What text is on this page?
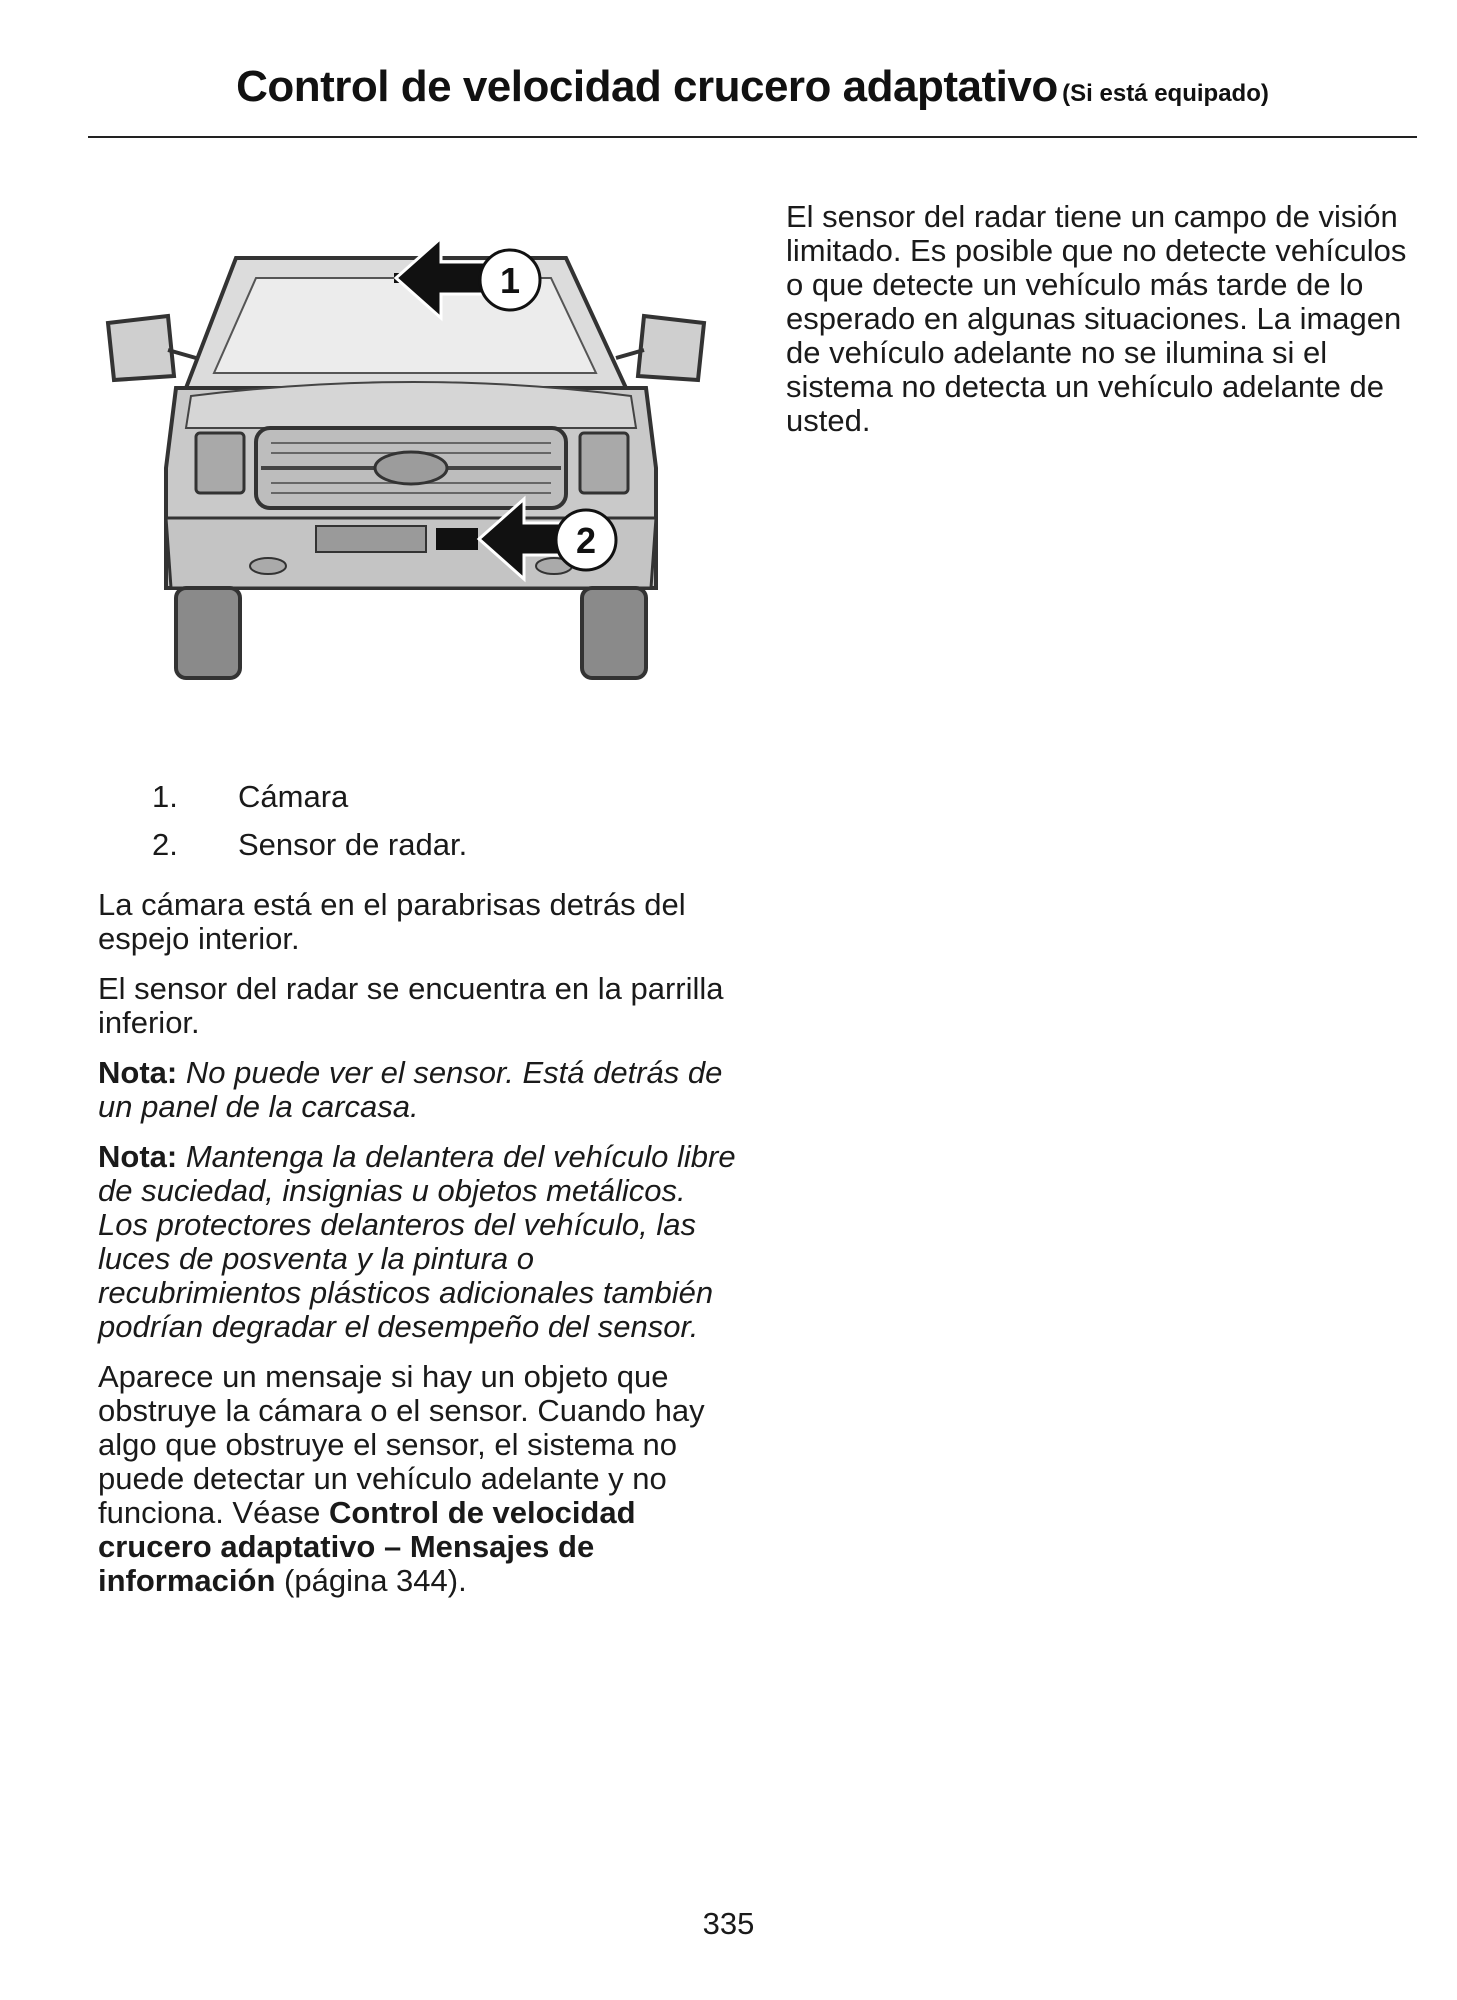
Control de velocidad crucero adaptativo (Si está equipado)
1
2

El sensor del radar tiene un campo de visión limitado. Es posible que no detecte vehículos o que detecte un vehículo más tarde de lo esperado en algunas situaciones. La imagen de vehículo adelante no se ilumina si el sistema no detecta un vehículo adelante de usted.

1. Cámara
2. Sensor de radar.

La cámara está en el parabrisas detrás del espejo interior.

El sensor del radar se encuentra en la parrilla inferior.

Nota: No puede ver el sensor. Está detrás de un panel de la carcasa.

Nota: Mantenga la delantera del vehículo libre de suciedad, insignias u objetos metálicos. Los protectores delanteros del vehículo, las luces de posventa y la pintura o recubrimientos plásticos adicionales también podrían degradar el desempeño del sensor.

Aparece un mensaje si hay un objeto que obstruye la cámara o el sensor. Cuando hay algo que obstruye el sensor, el sistema no puede detectar un vehículo adelante y no funciona. Véase Control de velocidad crucero adaptativo – Mensajes de información (página 344).

335
